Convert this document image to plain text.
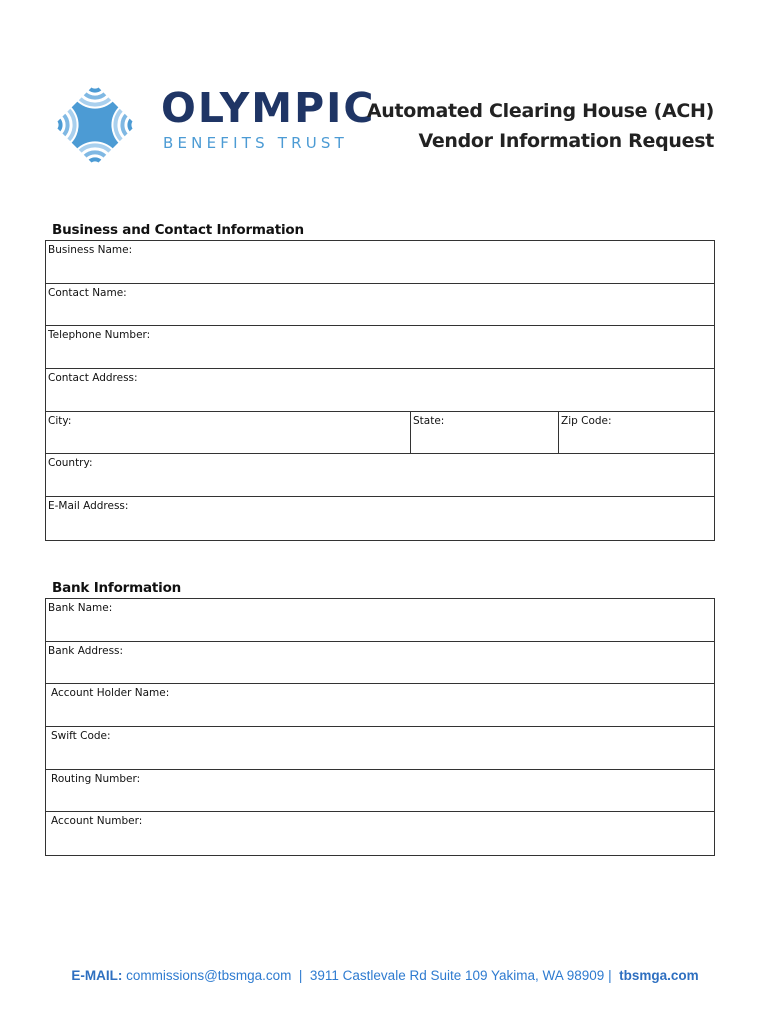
OLYMPIC
BENEFITS TRUST
Automated Clearing House (ACH)
Vendor Information Request
Business and Contact Information
Business Name:
Contact Name:
Telephone Number:
Contact Address:
City:	State:	Zip Code:
Country:
E-Mail Address:
Bank Information
Bank Name:
Bank Address:
Account Holder Name:
Swift Code:
Routing Number:
Account Number:
E-MAIL: commissions@tbsmga.com | 3911 Castlevale Rd Suite 109 Yakima, WA 98909 | tbsmga.com
